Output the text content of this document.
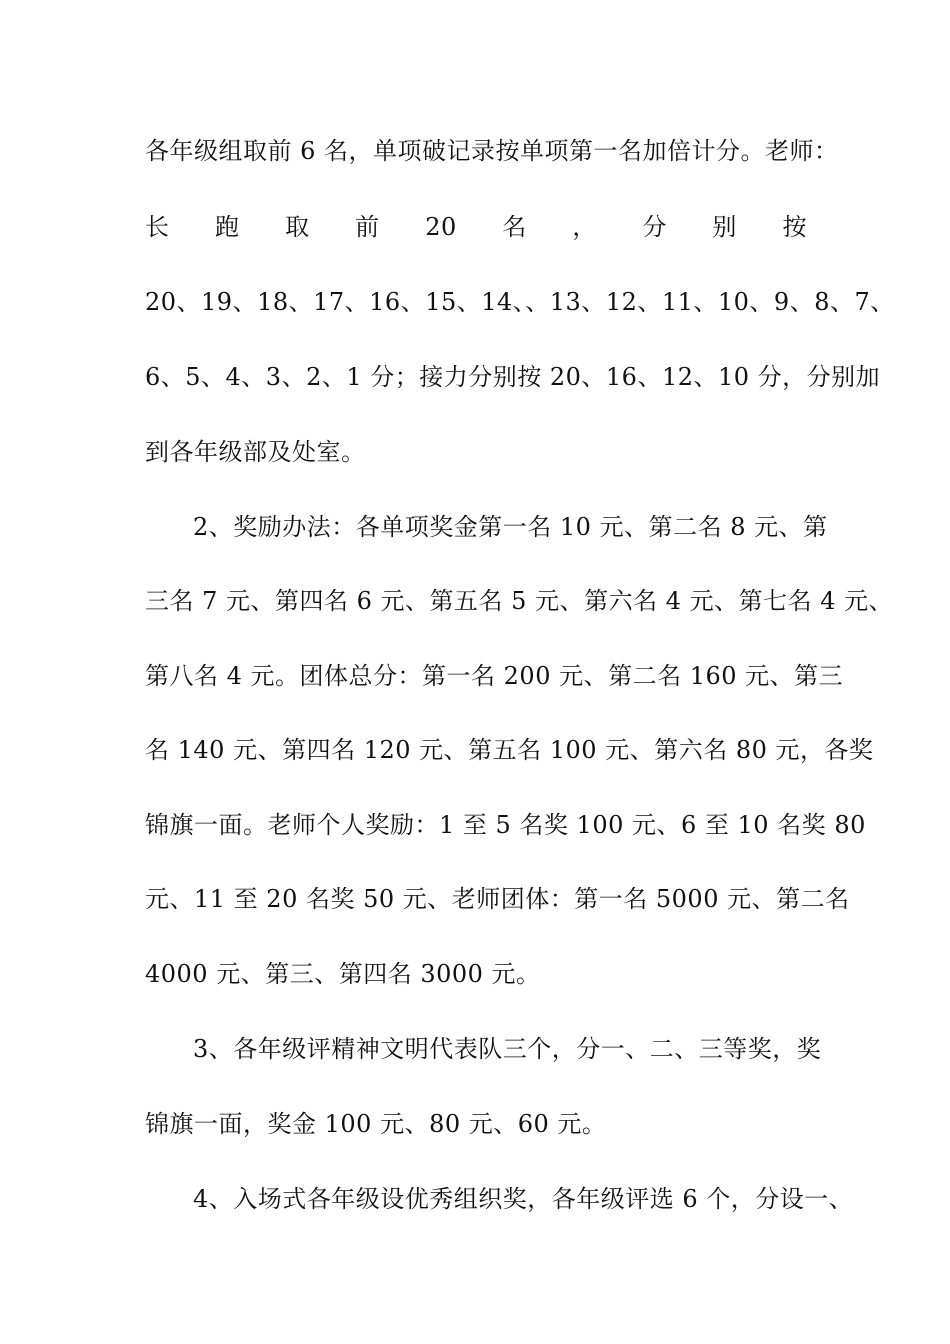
各年级组取前 6 名，单项破记录按单项第一名加倍计分。老师：
长 跑 取 前 20 名 ， 分 别 按
20、19、18、17、16、15、14、、13、12、11、10、9、8、7、
6、5、4、3、2、1 分；接力分别按 20、16、12、10 分，分别加
到各年级部及处室。
2、奖励办法：各单项奖金第一名 10 元、第二名 8 元、第
三名 7 元、第四名 6 元、第五名 5 元、第六名 4 元、第七名 4 元、
第八名 4 元。团体总分：第一名 200 元、第二名 160 元、第三
名 140 元、第四名 120 元、第五名 100 元、第六名 80 元，各奖
锦旗一面。老师个人奖励：1 至 5 名奖 100 元、6 至 10 名奖 80
元、11 至 20 名奖 50 元、老师团体：第一名 5000 元、第二名
4000 元、第三、第四名 3000 元。
3、各年级评精神文明代表队三个，分一、二、三等奖，奖
锦旗一面，奖金 100 元、80 元、60 元。
4、入场式各年级设优秀组织奖，各年级评选 6 个，分设一、
